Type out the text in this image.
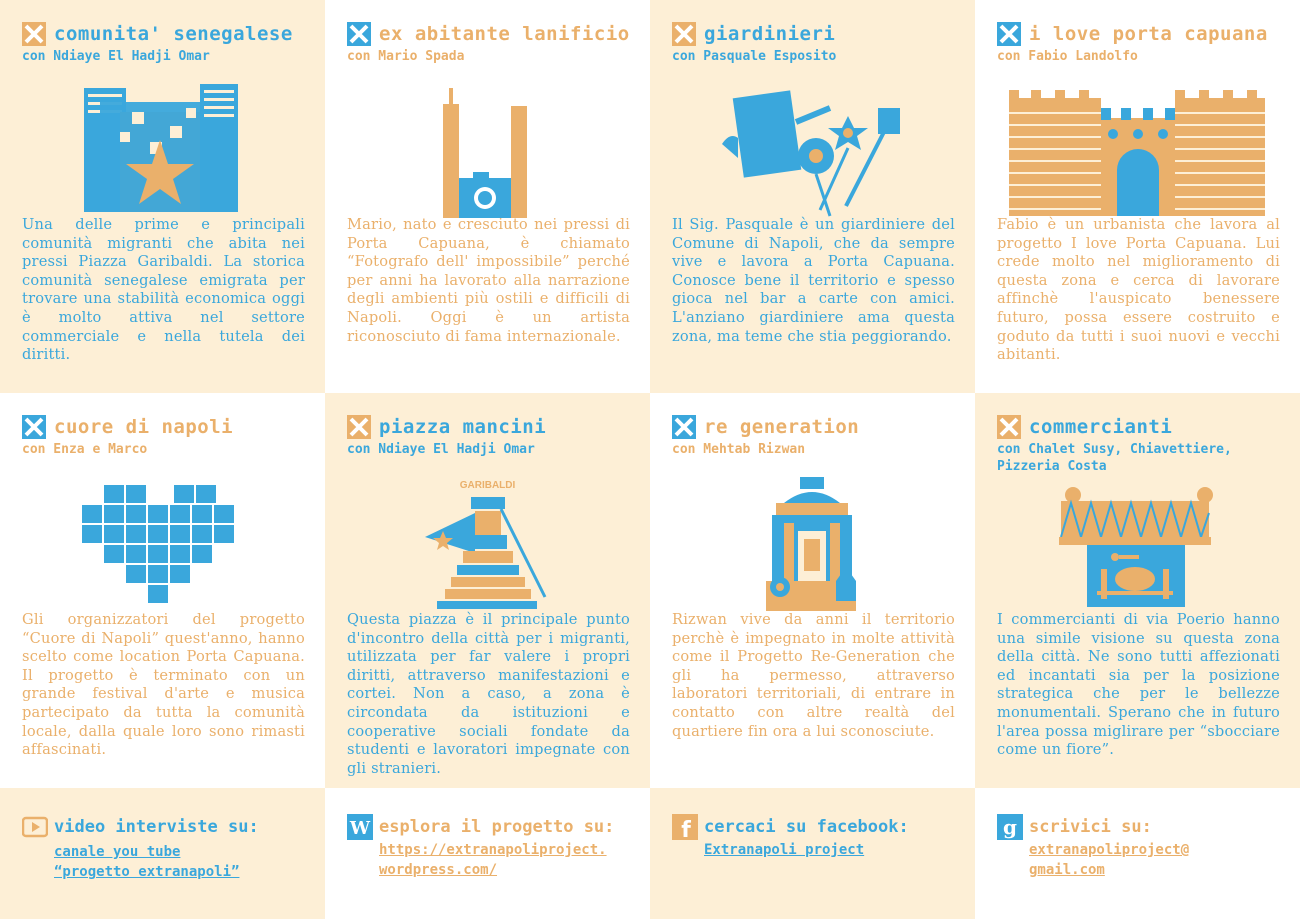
comunita' senegalese
con Ndiaye El Hadji Omar

Una delle prime e principali comunità migranti che abita nei pressi Piazza Garibaldi. La storica comunità senegalese emigrata per trovare una stabilità economica oggi è molto attiva nel settore commerciale e nella tutela dei diritti.

ex abitante lanificio
con Mario Spada

Mario, nato e cresciuto nei pressi di Porta Capuana, è chiamato “Fotografo dell' impossibile” perché per anni ha lavorato alla narrazione degli ambienti più ostili e difficili di Napoli. Oggi è un artista riconosciuto di fama internazionale.

giardinieri
con Pasquale Esposito

Il Sig. Pasquale è un giardiniere del Comune di Napoli, che da sempre vive e lavora a Porta Capuana. Conosce bene il territorio e spesso gioca nel bar a carte con amici. L'anziano giardiniere ama questa zona, ma teme che stia peggiorando.

i love porta capuana
con Fabio Landolfo

Fabio è un urbanista che lavora al progetto I love Porta Capuana. Lui crede molto nel miglioramento di questa zona e cerca di lavorare affinchè l'auspicato benessere futuro, possa essere costruito e goduto da tutti i suoi nuovi e vecchi abitanti.

cuore di napoli
con Enza e Marco

Gli organizzatori del progetto “Cuore di Napoli” quest'anno, hanno scelto come location Porta Capuana. Il progetto è terminato con un grande festival d'arte e musica partecipato da tutta la comunità locale, dalla quale loro sono rimasti affascinati.

piazza mancini
con Ndiaye El Hadji Omar
GARIBALDI

Questa piazza è il principale punto d'incontro della città per i migranti, utilizzata per far valere i propri diritti, attraverso manifestazioni e cortei. Non a caso, a zona è circondata da istituzioni e cooperative sociali fondate da studenti e lavoratori impegnate con gli stranieri.

re generation
con Mehtab Rizwan

Rizwan vive da anni il territorio perchè è impegnato in molte attività come il Progetto Re-Generation che gli ha permesso, attraverso laboratori territoriali, di entrare in contatto con altre realtà del quartiere fin ora a lui sconosciute.

commercianti
con Chalet Susy, Chiavettiere, Pizzeria Costa

I commercianti di via Poerio hanno una simile visione su questa zona della città. Ne sono tutti affezionati ed incantati sia per la posizione strategica che per le bellezze monumentali. Sperano che in futuro l'area possa miglirare per “sbocciare come un fiore”.

video interviste su:
canale you tube
“progetto extranapoli”
W esplora il progetto su:
https://extranapoliproject.
wordpress.com/
f cercaci su facebook:
Extranapoli project
g scrivici su:
extranapoliproject@
gmail.com
